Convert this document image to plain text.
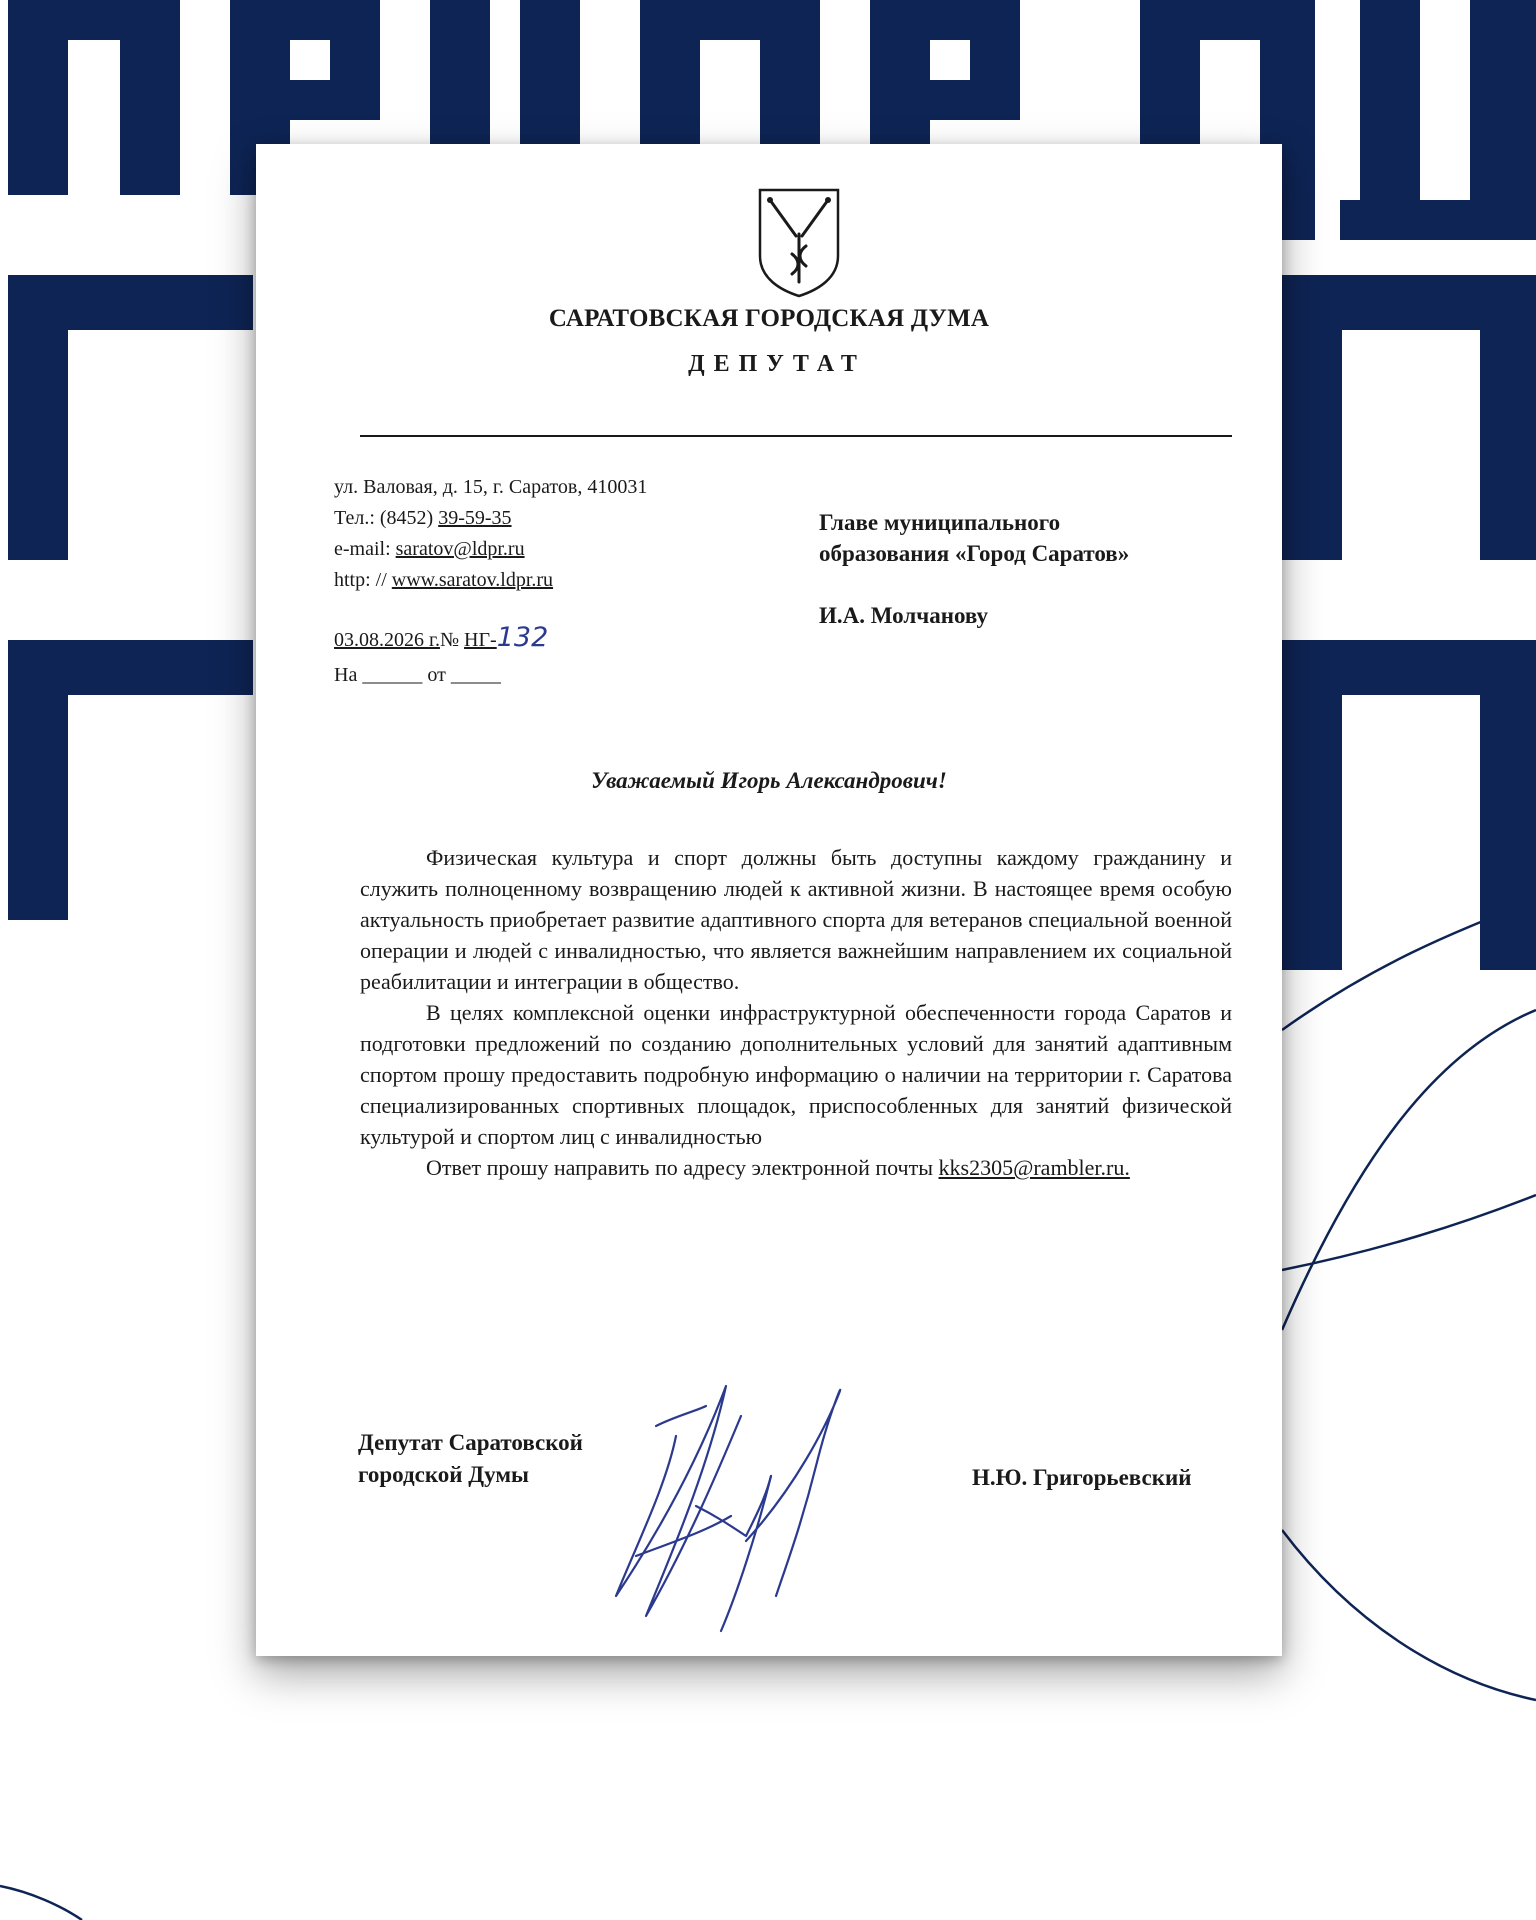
САРАТОВСКАЯ ГОРОДСКАЯ ДУМА
ДЕПУТАТ
ул. Валовая, д. 15, г. Саратов, 410031
Тел.: (8452) 39-59-35
e-mail: saratov@ldpr.ru
http: // www.saratov.ldpr.ru
03.08.2026 г.№ НГ-132
На ______ от _____
Главе муниципального
образования «Город Саратов»
И.А. Молчанову
Уважаемый Игорь Александрович!

Физическая культура и спорт должны быть доступны каждому гражданину и служить полноценному возвращению людей к активной жизни. В настоящее время особую актуальность приобретает развитие адаптивного спорта для ветеранов специальной военной операции и людей с инвалидностью, что является важнейшим направлением их социальной реабилитации и интеграции в общество.

В целях комплексной оценки инфраструктурной обеспеченности города Саратов и подготовки предложений по созданию дополнительных условий для занятий адаптивным спортом прошу предоставить подробную информацию о наличии на территории г. Саратова специализированных спортивных площадок, приспособленных для занятий физической культурой и спортом лиц с инвалидностью

Ответ прошу направить по адресу электронной почты kks2305@rambler.ru.

Депутат Саратовской
городской Думы	Н.Ю. Григорьевский
